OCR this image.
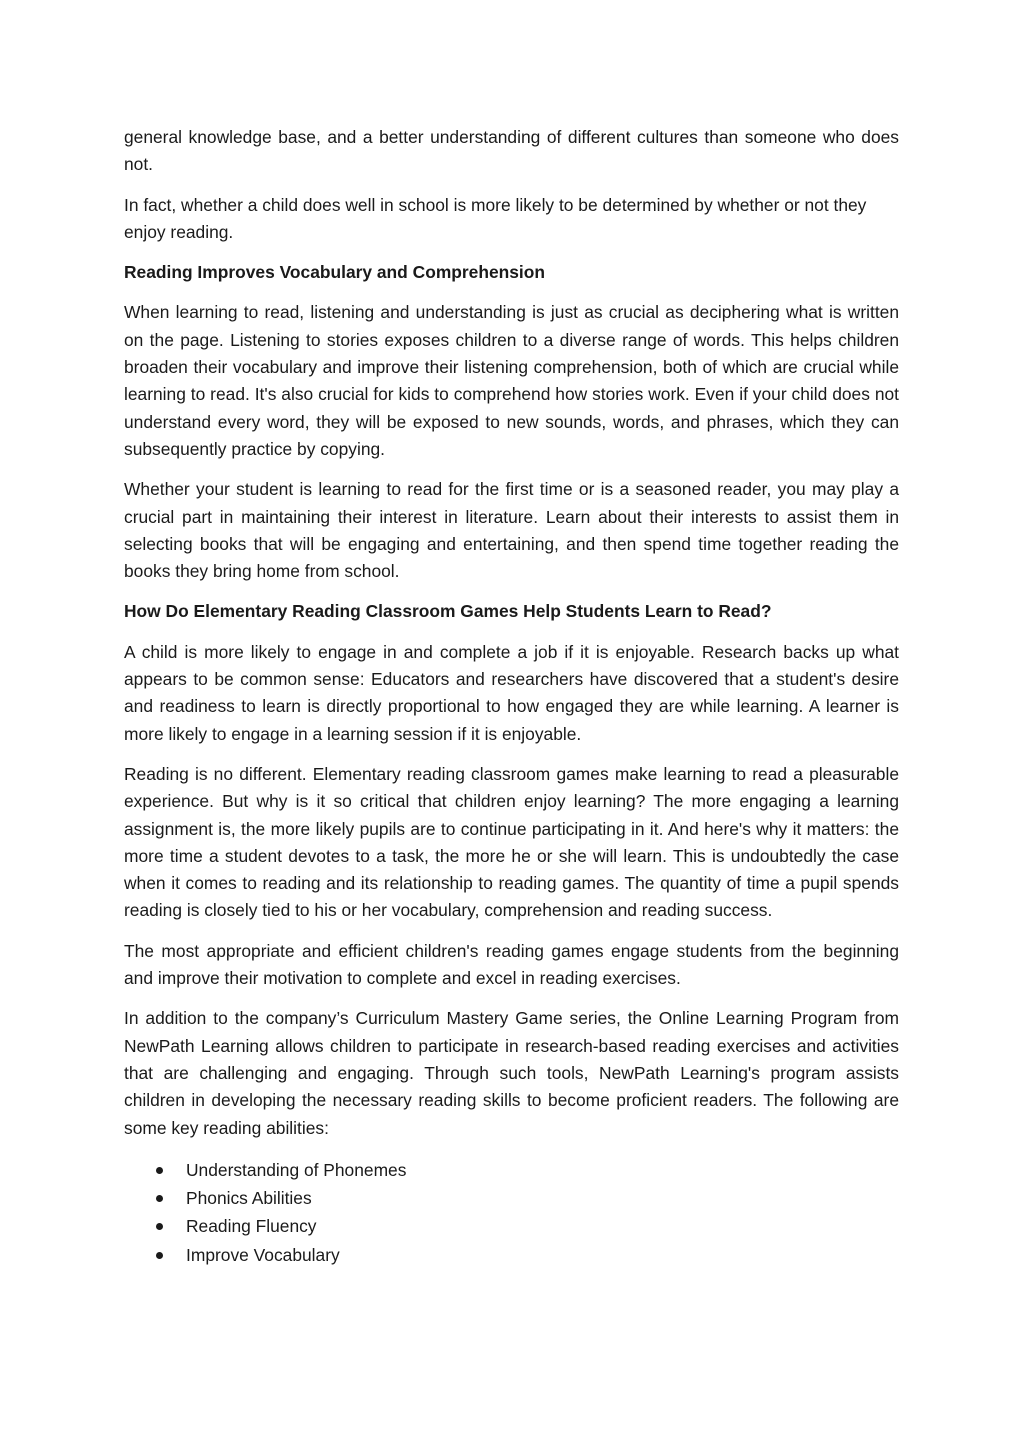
general knowledge base, and a better understanding of different cultures than someone who does not.

In fact, whether a child does well in school is more likely to be determined by whether or not they enjoy reading.

Reading Improves Vocabulary and Comprehension

When learning to read, listening and understanding is just as crucial as deciphering what is written on the page. Listening to stories exposes children to a diverse range of words. This helps children broaden their vocabulary and improve their listening comprehension, both of which are crucial while learning to read. It's also crucial for kids to comprehend how stories work. Even if your child does not understand every word, they will be exposed to new sounds, words, and phrases, which they can subsequently practice by copying.

Whether your student is learning to read for the first time or is a seasoned reader, you may play a crucial part in maintaining their interest in literature. Learn about their interests to assist them in selecting books that will be engaging and entertaining, and then spend time together reading the books they bring home from school.

How Do Elementary Reading Classroom Games Help Students Learn to Read?

A child is more likely to engage in and complete a job if it is enjoyable. Research backs up what appears to be common sense: Educators and researchers have discovered that a student's desire and readiness to learn is directly proportional to how engaged they are while learning. A learner is more likely to engage in a learning session if it is enjoyable.

Reading is no different. Elementary reading classroom games make learning to read a pleasurable experience. But why is it so critical that children enjoy learning? The more engaging a learning assignment is, the more likely pupils are to continue participating in it. And here's why it matters: the more time a student devotes to a task, the more he or she will learn. This is undoubtedly the case when it comes to reading and its relationship to reading games. The quantity of time a pupil spends reading is closely tied to his or her vocabulary, comprehension and reading success.

The most appropriate and efficient children's reading games engage students from the beginning and improve their motivation to complete and excel in reading exercises.

In addition to the company’s Curriculum Mastery Game series, the Online Learning Program from NewPath Learning allows children to participate in research-based reading exercises and activities that are challenging and engaging. Through such tools, NewPath Learning's program assists children in developing the necessary reading skills to become proficient readers. The following are some key reading abilities:

Understanding of Phonemes
Phonics Abilities
Reading Fluency
Improve Vocabulary
